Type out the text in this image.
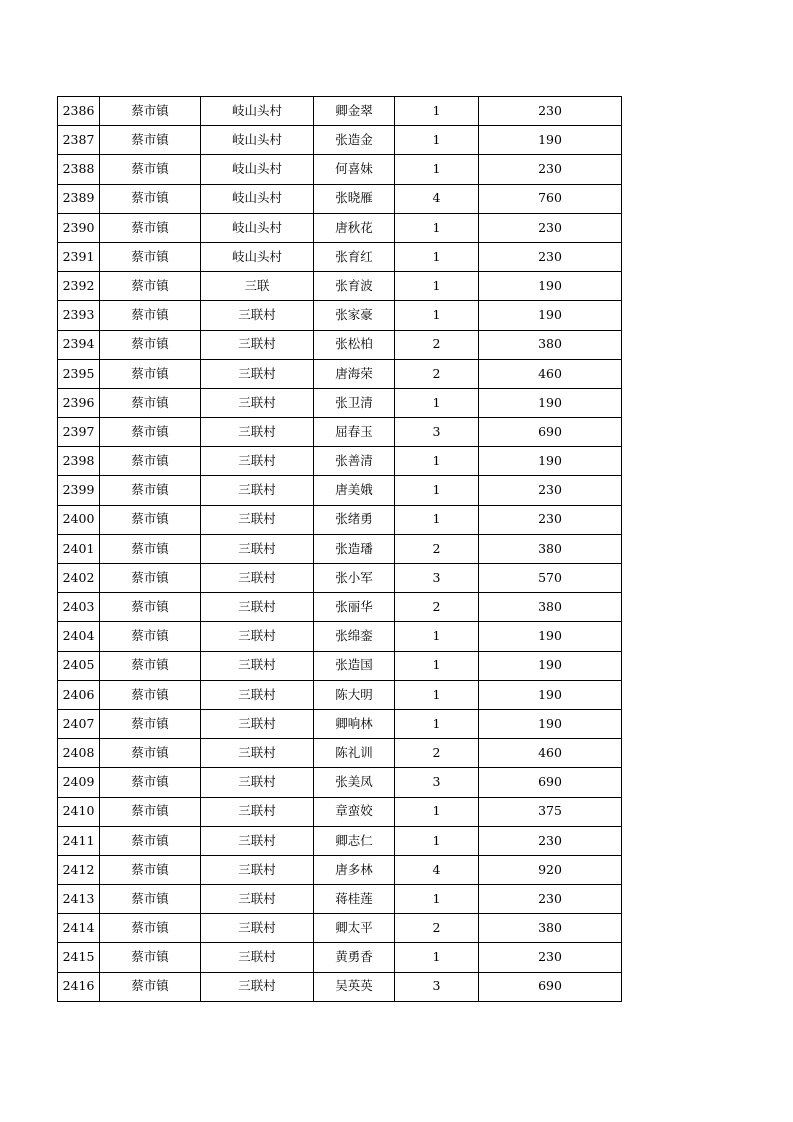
2386	蔡市镇	岐山头村	卿金翠	1	230
2387	蔡市镇	岐山头村	张造金	1	190
2388	蔡市镇	岐山头村	何喜妹	1	230
2389	蔡市镇	岐山头村	张晓雁	4	760
2390	蔡市镇	岐山头村	唐秋花	1	230
2391	蔡市镇	岐山头村	张育红	1	230
2392	蔡市镇	三联	张育波	1	190
2393	蔡市镇	三联村	张家豪	1	190
2394	蔡市镇	三联村	张松柏	2	380
2395	蔡市镇	三联村	唐海荣	2	460
2396	蔡市镇	三联村	张卫清	1	190
2397	蔡市镇	三联村	屈春玉	3	690
2398	蔡市镇	三联村	张善清	1	190
2399	蔡市镇	三联村	唐美娥	1	230
2400	蔡市镇	三联村	张绪勇	1	230
2401	蔡市镇	三联村	张造璠	2	380
2402	蔡市镇	三联村	张小军	3	570
2403	蔡市镇	三联村	张丽华	2	380
2404	蔡市镇	三联村	张绵銮	1	190
2405	蔡市镇	三联村	张造国	1	190
2406	蔡市镇	三联村	陈大明	1	190
2407	蔡市镇	三联村	卿响林	1	190
2408	蔡市镇	三联村	陈礼训	2	460
2409	蔡市镇	三联村	张美凤	3	690
2410	蔡市镇	三联村	章蛮姣	1	375
2411	蔡市镇	三联村	卿志仁	1	230
2412	蔡市镇	三联村	唐多林	4	920
2413	蔡市镇	三联村	蒋桂莲	1	230
2414	蔡市镇	三联村	卿太平	2	380
2415	蔡市镇	三联村	黄勇香	1	230
2416	蔡市镇	三联村	吴英英	3	690
